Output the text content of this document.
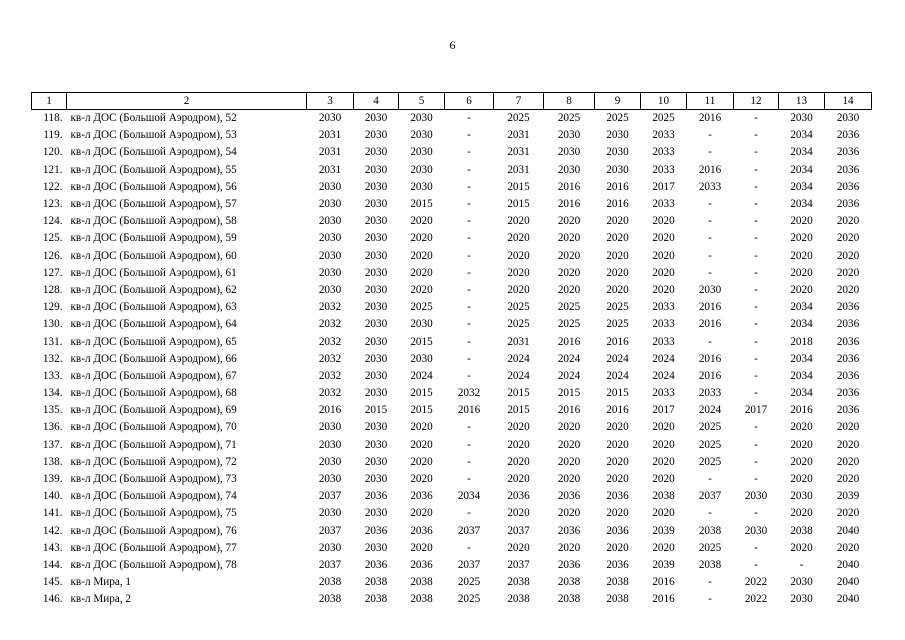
6
1	2	3	4	5	6	7	8	9	10	11	12	13	14
118.	кв-л ДОС (Большой Аэродром), 52	2030	2030	2030	-	2025	2025	2025	2025	2016	-	2030	2030
119.	кв-л ДОС (Большой Аэродром), 53	2031	2030	2030	-	2031	2030	2030	2033	-	-	2034	2036
120.	кв-л ДОС (Большой Аэродром), 54	2031	2030	2030	-	2031	2030	2030	2033	-	-	2034	2036
121.	кв-л ДОС (Большой Аэродром), 55	2031	2030	2030	-	2031	2030	2030	2033	2016	-	2034	2036
122.	кв-л ДОС (Большой Аэродром), 56	2030	2030	2030	-	2015	2016	2016	2017	2033	-	2034	2036
123.	кв-л ДОС (Большой Аэродром), 57	2030	2030	2015	-	2015	2016	2016	2033	-	-	2034	2036
124.	кв-л ДОС (Большой Аэродром), 58	2030	2030	2020	-	2020	2020	2020	2020	-	-	2020	2020
125.	кв-л ДОС (Большой Аэродром), 59	2030	2030	2020	-	2020	2020	2020	2020	-	-	2020	2020
126.	кв-л ДОС (Большой Аэродром), 60	2030	2030	2020	-	2020	2020	2020	2020	-	-	2020	2020
127.	кв-л ДОС (Большой Аэродром), 61	2030	2030	2020	-	2020	2020	2020	2020	-	-	2020	2020
128.	кв-л ДОС (Большой Аэродром), 62	2030	2030	2020	-	2020	2020	2020	2020	2030	-	2020	2020
129.	кв-л ДОС (Большой Аэродром), 63	2032	2030	2025	-	2025	2025	2025	2033	2016	-	2034	2036
130.	кв-л ДОС (Большой Аэродром), 64	2032	2030	2030	-	2025	2025	2025	2033	2016	-	2034	2036
131.	кв-л ДОС (Большой Аэродром), 65	2032	2030	2015	-	2031	2016	2016	2033	-	-	2018	2036
132.	кв-л ДОС (Большой Аэродром), 66	2032	2030	2030	-	2024	2024	2024	2024	2016	-	2034	2036
133.	кв-л ДОС (Большой Аэродром), 67	2032	2030	2024	-	2024	2024	2024	2024	2016	-	2034	2036
134.	кв-л ДОС (Большой Аэродром), 68	2032	2030	2015	2032	2015	2015	2015	2033	2033	-	2034	2036
135.	кв-л ДОС (Большой Аэродром), 69	2016	2015	2015	2016	2015	2016	2016	2017	2024	2017	2016	2036
136.	кв-л ДОС (Большой Аэродром), 70	2030	2030	2020	-	2020	2020	2020	2020	2025	-	2020	2020
137.	кв-л ДОС (Большой Аэродром), 71	2030	2030	2020	-	2020	2020	2020	2020	2025	-	2020	2020
138.	кв-л ДОС (Большой Аэродром), 72	2030	2030	2020	-	2020	2020	2020	2020	2025	-	2020	2020
139.	кв-л ДОС (Большой Аэродром), 73	2030	2030	2020	-	2020	2020	2020	2020	-	-	2020	2020
140.	кв-л ДОС (Большой Аэродром), 74	2037	2036	2036	2034	2036	2036	2036	2038	2037	2030	2030	2039
141.	кв-л ДОС (Большой Аэродром), 75	2030	2030	2020	-	2020	2020	2020	2020	-	-	2020	2020
142.	кв-л ДОС (Большой Аэродром), 76	2037	2036	2036	2037	2037	2036	2036	2039	2038	2030	2038	2040
143.	кв-л ДОС (Большой Аэродром), 77	2030	2030	2020	-	2020	2020	2020	2020	2025	-	2020	2020
144.	кв-л ДОС (Большой Аэродром), 78	2037	2036	2036	2037	2037	2036	2036	2039	2038	-	-	2040
145.	кв-л Мира, 1	2038	2038	2038	2025	2038	2038	2038	2016	-	2022	2030	2040
146.	кв-л Мира, 2	2038	2038	2038	2025	2038	2038	2038	2016	-	2022	2030	2040
